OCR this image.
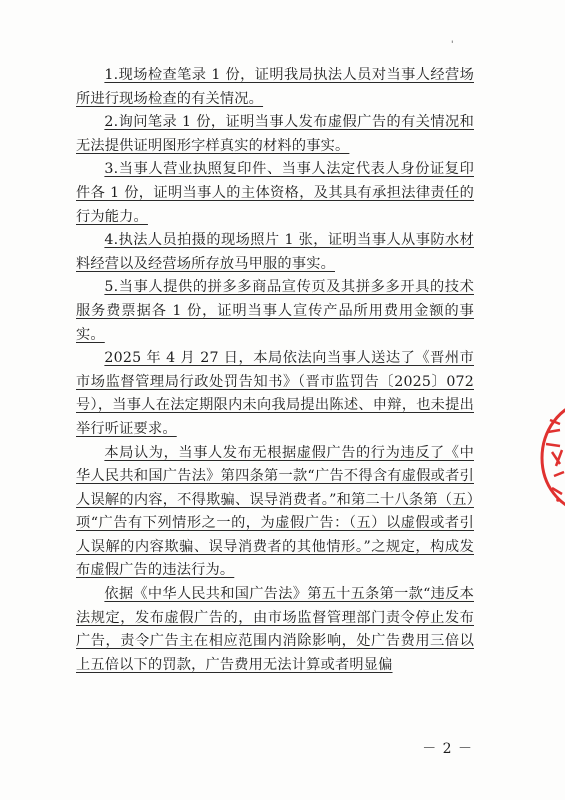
'

1.现场检查笔录 1 份，证明我局执法人员对当事人经营场所进行现场检查的有关情况。

2.询问笔录 1 份，证明当事人发布虚假广告的有关情况和无法提供证明图形字样真实的材料的事实。

3.当事人营业执照复印件、当事人法定代表人身份证复印件各 1 份，证明当事人的主体资格，及其具有承担法律责任的行为能力。

4.执法人员拍摄的现场照片 1 张，证明当事人从事防水材料经营以及经营场所存放马甲服的事实。

5.当事人提供的拼多多商品宣传页及其拼多多开具的技术服务费票据各 1 份，证明当事人宣传产品所用费用金额的事实。

2025 年 4 月 27 日，本局依法向当事人送达了《晋州市市场监督管理局行政处罚告知书》（晋市监罚告〔2025〕072 号），当事人在法定期限内未向我局提出陈述、申辩，也未提出举行听证要求。

本局认为，当事人发布无根据虚假广告的行为违反了《中华人民共和国广告法》第四条第一款“广告不得含有虚假或者引人误解的内容，不得欺骗、误导消费者。”和第二十八条第（五）项“广告有下列情形之一的，为虚假广告：（五）以虚假或者引人误解的内容欺骗、误导消费者的其他情形。”之规定，构成发布虚假广告的违法行为。

依据《中华人民共和国广告法》第五十五条第一款“违反本法规定，发布虚假广告的，由市场监督管理部门责令停止发布广告，责令广告主在相应范围内消除影响，处广告费用三倍以上五倍以下的罚款，广告费用无法计算或者明显偏

－ 2 －
